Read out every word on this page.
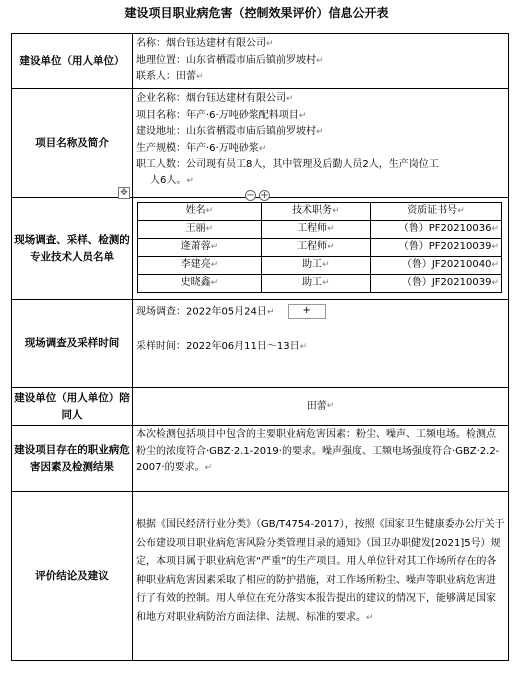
建设项目职业病危害（控制效果评价）信息公开表
建设单位（用人单位）
名称：烟台钰达建材有限公司↵
地理位置：山东省栖霞市庙后镇前罗坡村↵
联系人：田蕾↵
项目名称及简介
企业名称：烟台钰达建材有限公司↵
项目名称：年产·6·万吨砂浆配料项目↵
建设地址：山东省栖霞市庙后镇前罗坡村↵
生产规模：年产·6·万吨砂浆↵
职工人数：公司现有员工8人，其中管理及后勤人员2人，生产岗位工
人6人。↵
现场调查、采样、检测的专业技术人员名单
姓名↵	技术职务↵	资质证书号↵
王丽↵	工程师↵	（鲁）PF20210036↵
逄萧蓉↵	工程师↵	（鲁）PF20210039↵
李建亮↵	助工↵	（鲁）JF20210040↵
史晓鑫↵	助工↵	（鲁）JF20210039↵
现场调查及采样时间
现场调查：2022年05月24日↵	+
采样时间：2022年06月11日～13日↵
建设单位（用人单位）陪同人
田蕾 ↵
建设项目存在的职业病危害因素及检测结果
本次检测包括项目中包含的主要职业病危害因素：粉尘、噪声、工频电场。检测点粉尘的浓度符合·GBZ·2.1-2019·的要求。噪声强度、工频电场强度符合·GBZ·2.2-2007·的要求。↵
评价结论及建议
根据《国民经济行业分类》（GB/T4754-2017），按照《国家卫生健康委办公厅关于公布建设项目职业病危害风险分类管理目录的通知》（国卫办职健发[2021]5号）规定，本项目属于职业病危害“严重”的生产项目。用人单位针对其工作场所存在的各种职业病危害因素采取了相应的防护措施，对工作场所粉尘、噪声等职业病危害进行了有效的控制。用人单位在充分落实本报告提出的建议的情况下，能够满足国家和地方对职业病防治方面法律、法规、标准的要求。↵
✥	− +
